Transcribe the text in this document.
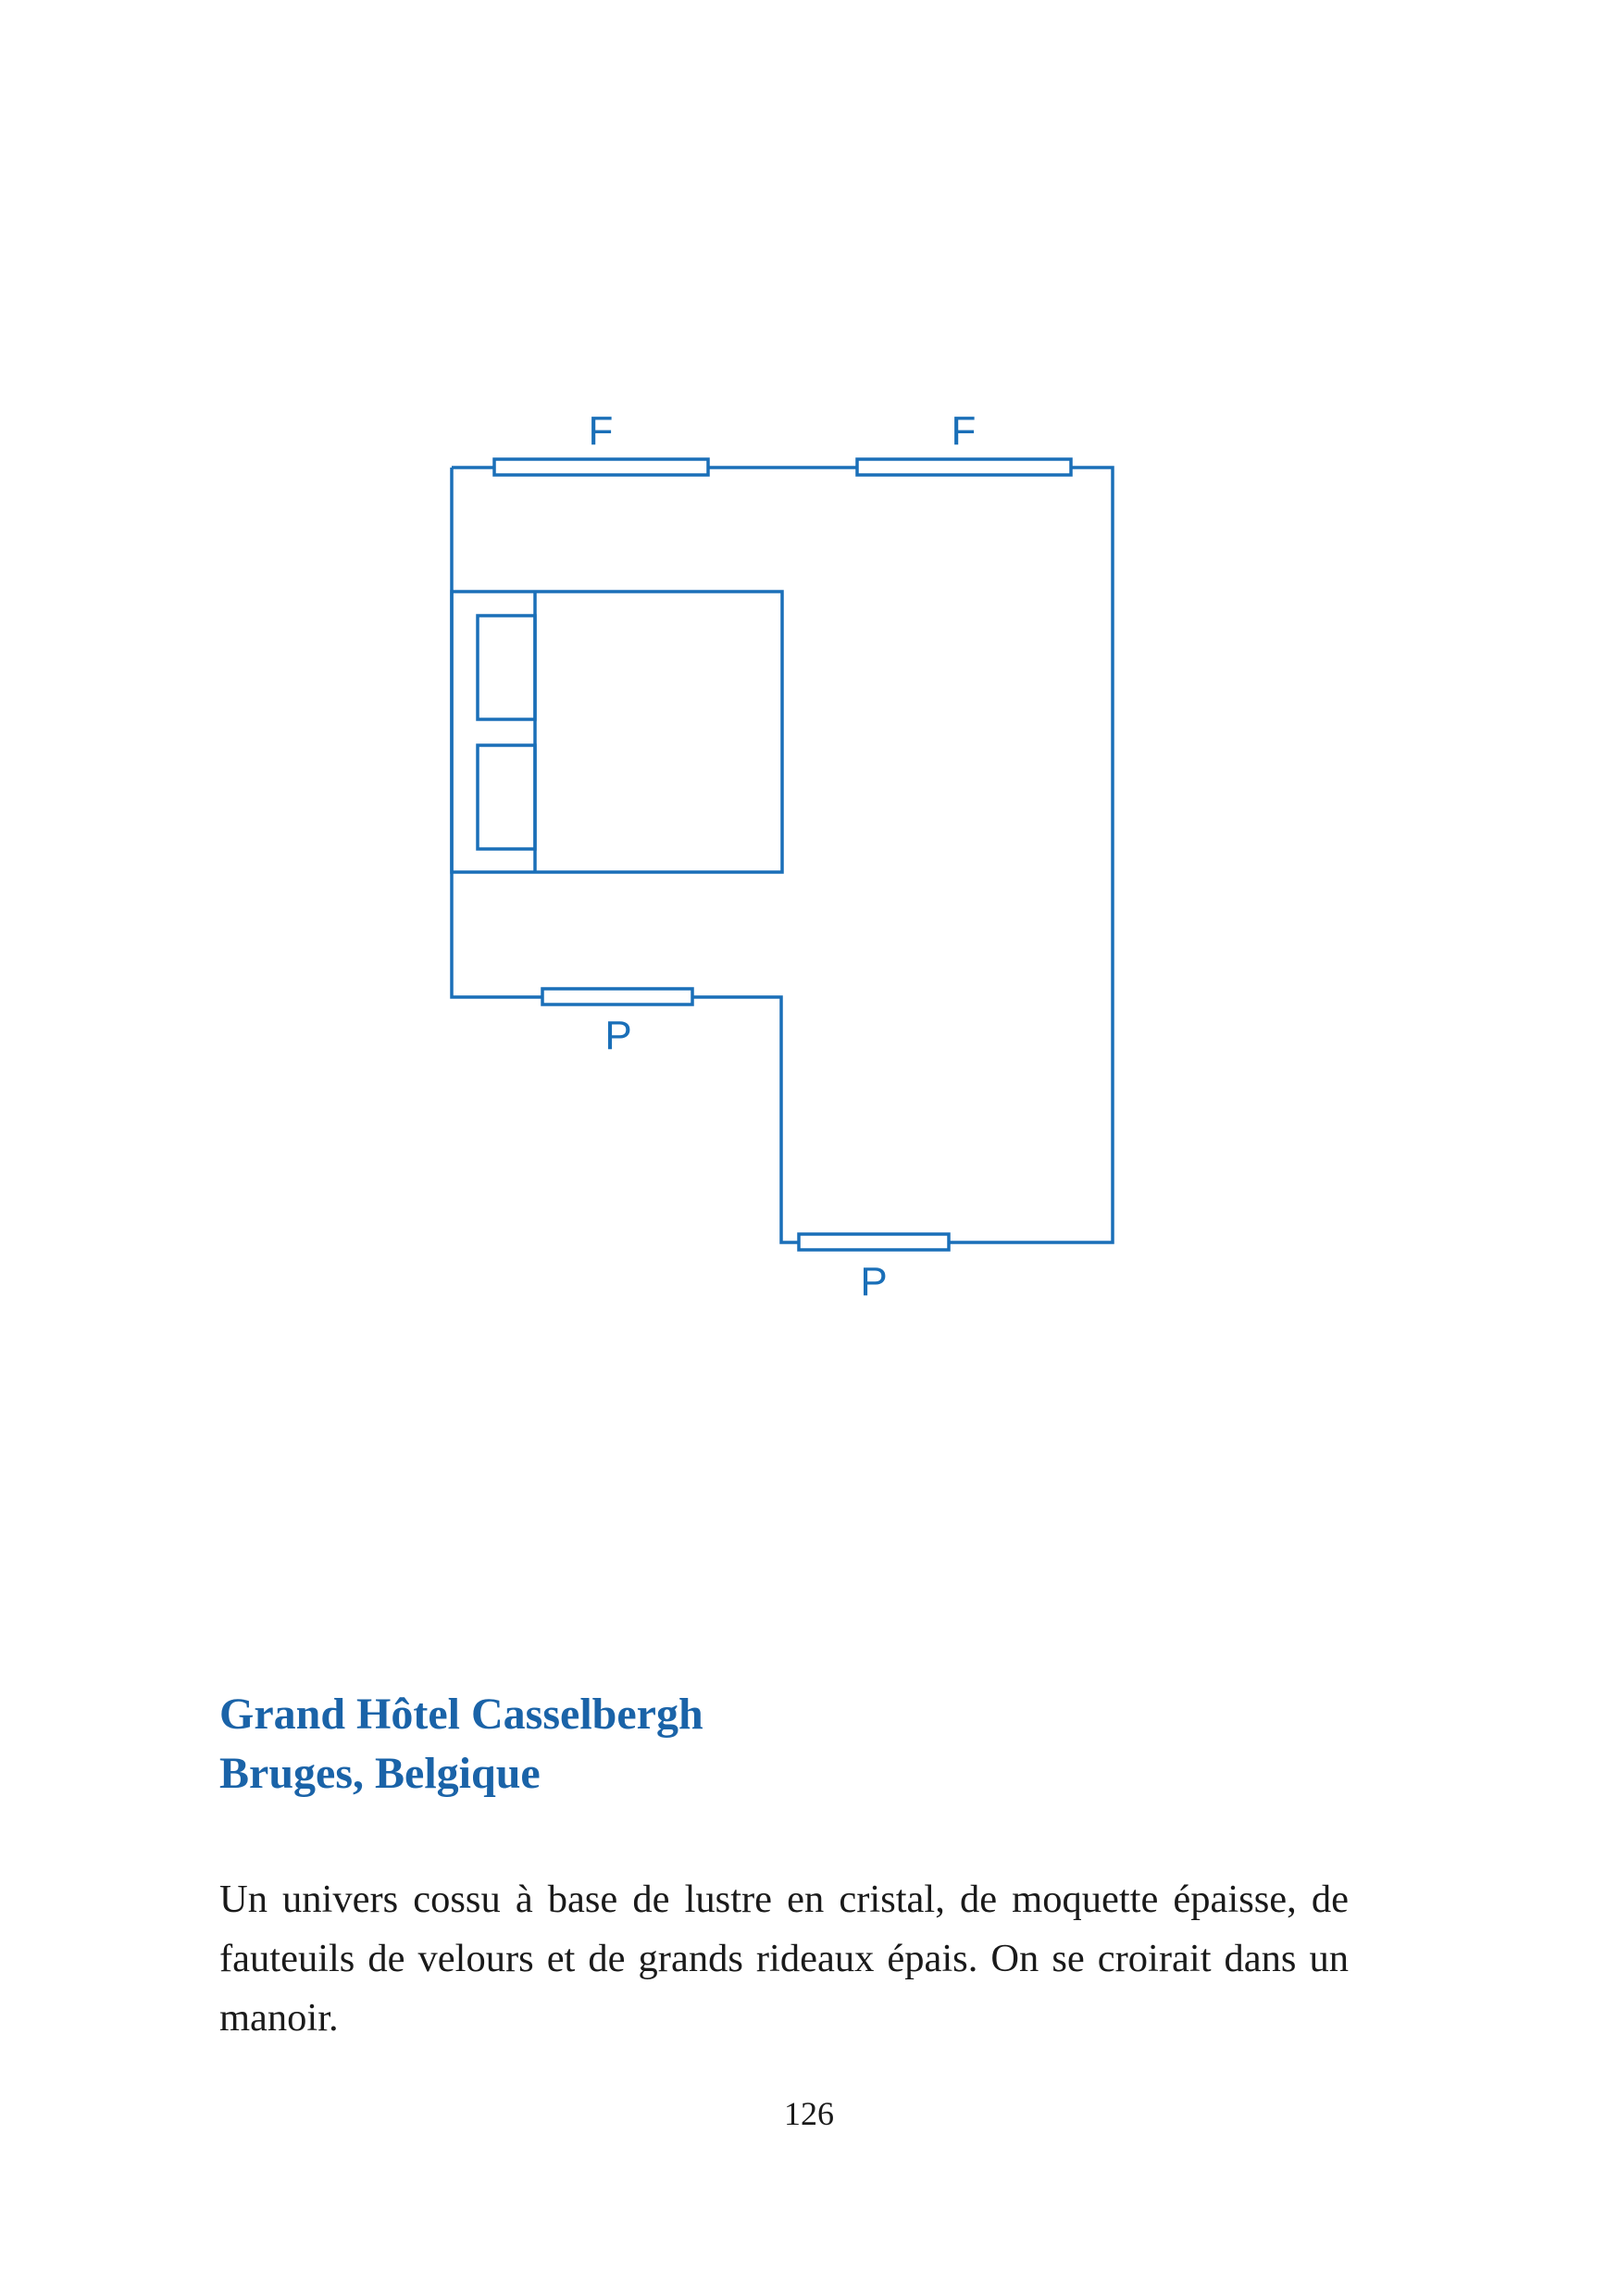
F	F
P
P
Grand Hôtel Casselbergh
Bruges, Belgique

Un univers cossu à base de lustre en cristal, de moquette épaisse, de fauteuils de velours et de grands rideaux épais. On se croirait dans un manoir.

126
